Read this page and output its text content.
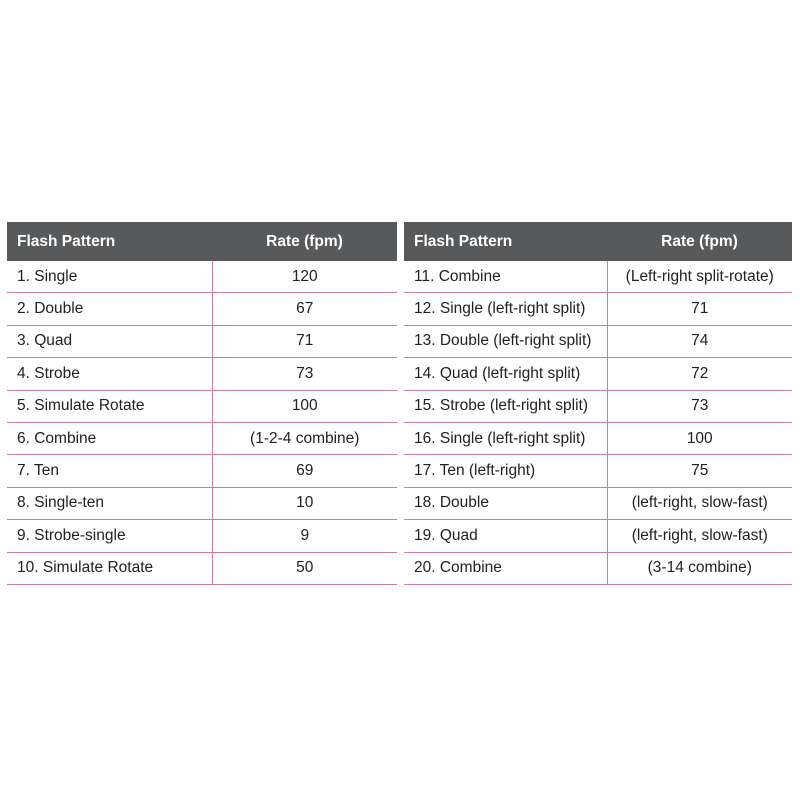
Flash Pattern	Rate (fpm)
1. Single	120
2. Double	67
3. Quad	71
4. Strobe	73
5. Simulate Rotate	100
6. Combine	(1-2-4 combine)
7. Ten	69
8. Single-ten	10
9. Strobe-single	9
10. Simulate Rotate	50
Flash Pattern	Rate (fpm)
11. Combine	(Left-right split-rotate)
12. Single (left-right split)	71
13. Double (left-right split)	74
14. Quad (left-right split)	72
15. Strobe (left-right split)	73
16. Single (left-right split)	100
17. Ten (left-right)	75
18. Double	(left-right, slow-fast)
19. Quad	(left-right, slow-fast)
20. Combine	(3-14 combine)
